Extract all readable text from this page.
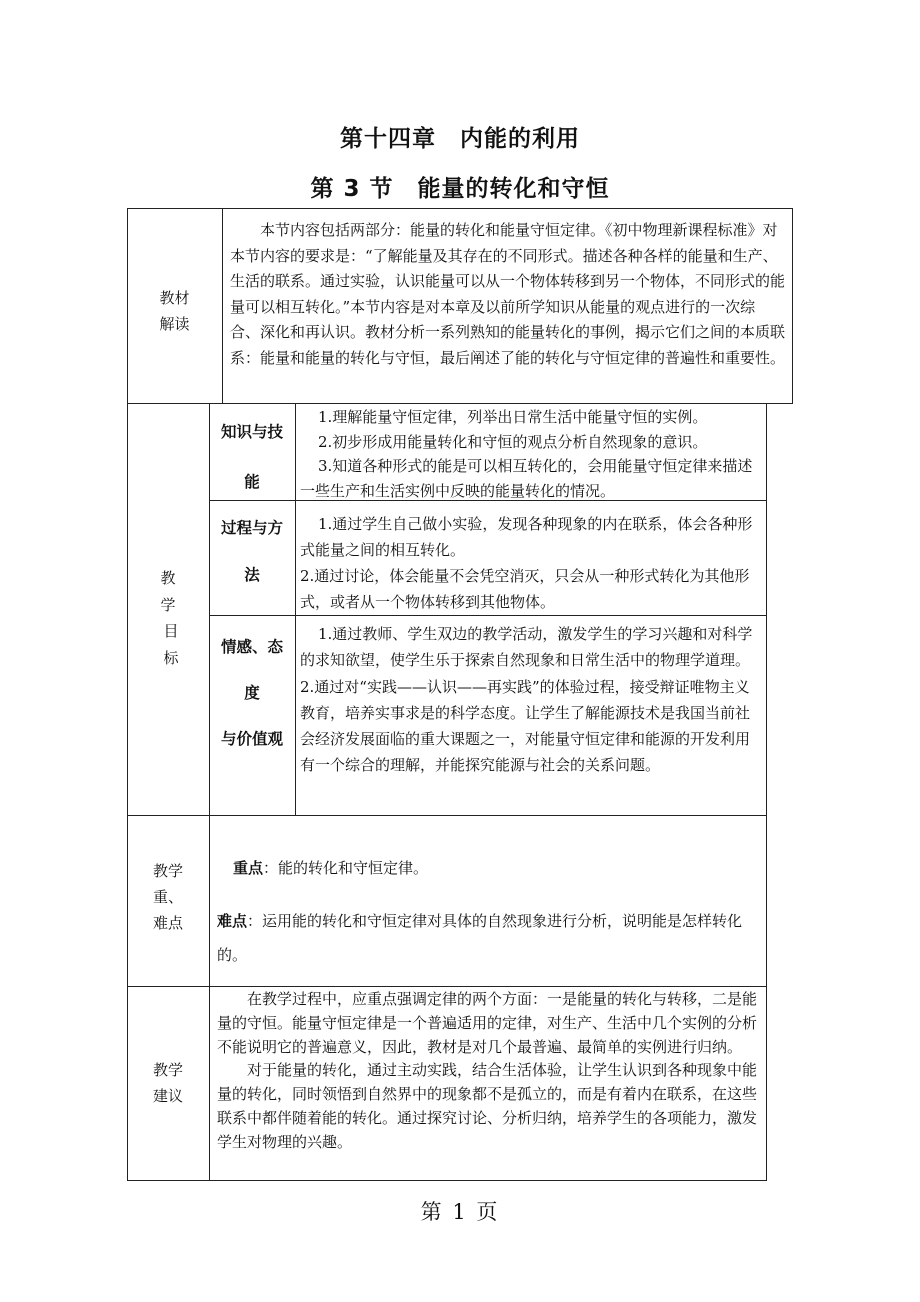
第十四章　内能的利用
第 3 节　能量的转化和守恒
教材
解读

本节内容包括两部分：能量的转化和能量守恒定律。《初中物理新课程标准》对本节内容的要求是：“了解能量及其存在的不同形式。描述各种各样的能量和生产、生活的联系。通过实验，认识能量可以从一个物体转移到另一个物体，不同形式的能量可以相互转化。”本节内容是对本章及以前所学知识从能量的观点进行的一次综合、深化和再认识。教材分析一系列熟知的能量转化的事例，揭示它们之间的本质联系：能量和能量的转化与守恒，最后阐述了能的转化与守恒定律的普遍性和重要性。

教
学
目
标
知识与技
能

1.理解能量守恒定律，列举出日常生活中能量守恒的实例。

2.初步形成用能量转化和守恒的观点分析自然现象的意识。

3.知道各种形式的能是可以相互转化的，会用能量守恒定律来描述一些生产和生活实例中反映的能量转化的情况。

过程与方
法

1.通过学生自己做小实验，发现各种现象的内在联系，体会各种形式能量之间的相互转化。

2.通过讨论，体会能量不会凭空消灭，只会从一种形式转化为其他形式，或者从一个物体转移到其他物体。

情感、态
度
与价值观

1.通过教师、学生双边的教学活动，激发学生的学习兴趣和对科学的求知欲望，使学生乐于探索自然现象和日常生活中的物理学道理。

2.通过对“实践——认识——再实践”的体验过程，接受辩证唯物主义教育，培养实事求是的科学态度。让学生了解能源技术是我国当前社会经济发展面临的重大课题之一，对能量守恒定律和能源的开发利用有一个综合的理解，并能探究能源与社会的关系问题。

教学
重、
难点
重点：能的转化和守恒定律。
难点：运用能的转化和守恒定律对具体的自然现象进行分析，说明能是怎样转化的。
教学
建议

在教学过程中，应重点强调定律的两个方面：一是能量的转化与转移，二是能量的守恒。能量守恒定律是一个普遍适用的定律，对生产、生活中几个实例的分析不能说明它的普遍意义，因此，教材是对几个最普遍、最简单的实例进行归纳。

对于能量的转化，通过主动实践，结合生活体验，让学生认识到各种现象中能量的转化，同时领悟到自然界中的现象都不是孤立的，而是有着内在联系，在这些联系中都伴随着能的转化。通过探究讨论、分析归纳，培养学生的各项能力，激发学生对物理的兴趣。

第 1 页
